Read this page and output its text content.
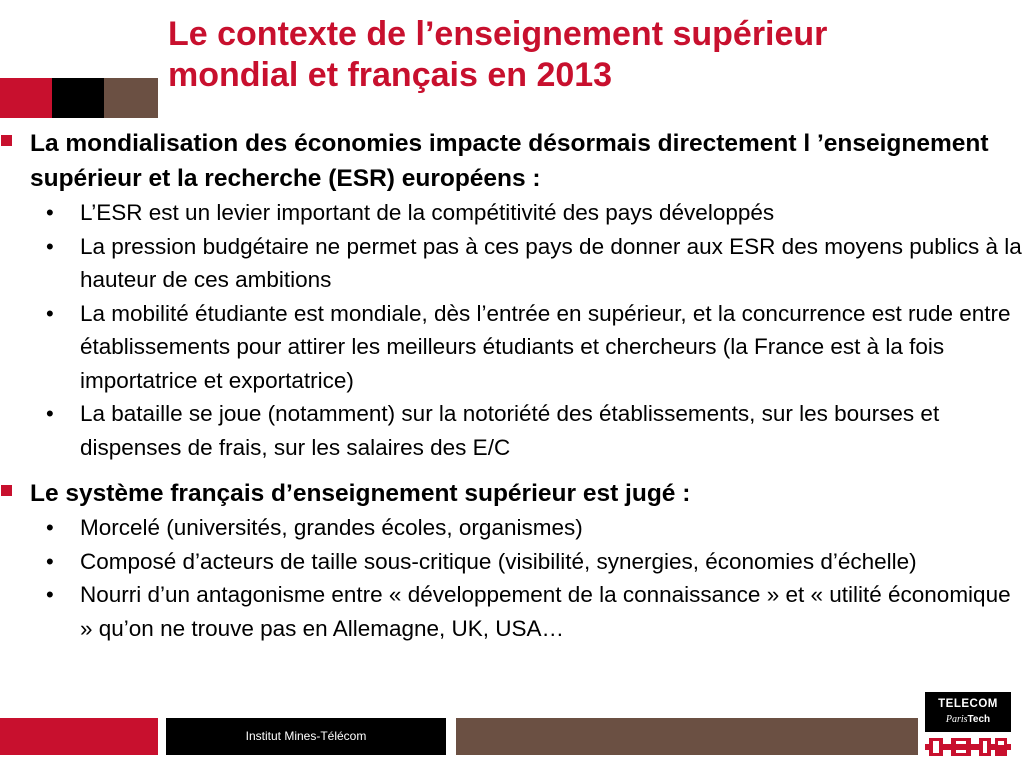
Le contexte de l’enseignement supérieur
mondial et français en 2013

La mondialisation des économies impacte désormais directement l ’enseignement supérieur et la recherche (ESR) européens :

• L’ESR est un levier important de la compétitivité des pays développés
• La pression budgétaire ne permet pas à ces pays de donner aux ESR des moyens publics à la hauteur de ces ambitions
• La mobilité étudiante est mondiale, dès l’entrée en supérieur, et la concurrence est rude entre établissements pour attirer les meilleurs étudiants et chercheurs (la France est à la fois importatrice et exportatrice)
• La bataille se joue (notamment) sur la notoriété des établissements, sur les bourses et dispenses de frais, sur les salaires des E/C

Le système français d’enseignement supérieur est jugé :

• Morcelé (universités, grandes écoles, organismes)
• Composé d’acteurs de taille sous-critique (visibilité, synergies, économies d’échelle)
• Nourri d’un antagonisme entre « développement de la connaissance » et « utilité économique » qu’on ne trouve pas en Allemagne, UK, USA…
Institut Mines-Télécom
TELECOM
ParisTech
